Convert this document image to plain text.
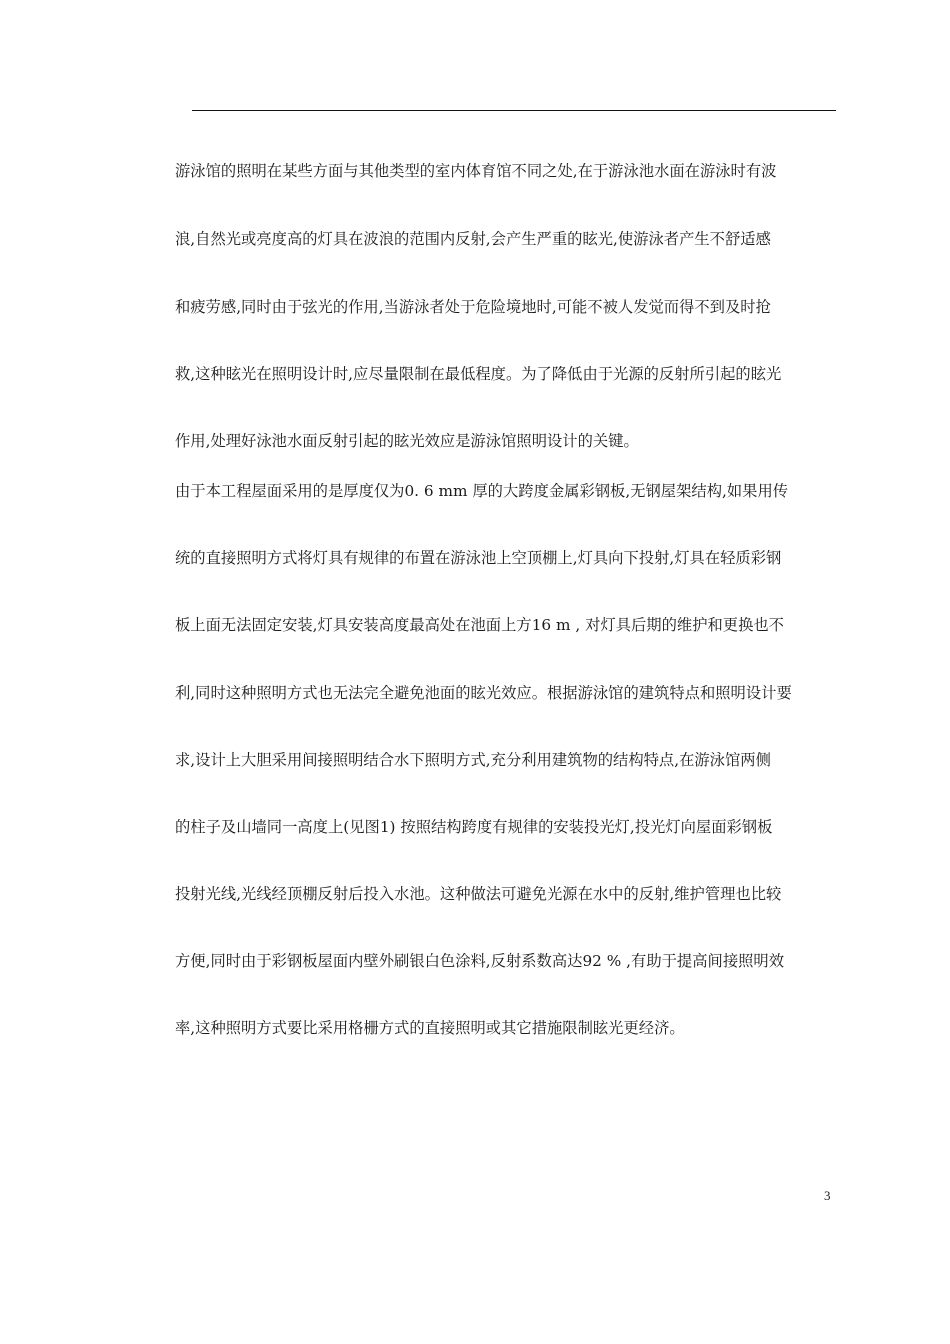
游泳馆的照明在某些方面与其他类型的室内体育馆不同之处,在于游泳池水面在游泳时有波

浪,自然光或亮度高的灯具在波浪的范围内反射,会产生严重的眩光,使游泳者产生不舒适感

和疲劳感,同时由于弦光的作用,当游泳者处于危险境地时,可能不被人发觉而得不到及时抢

救,这种眩光在照明设计时,应尽量限制在最低程度。为了降低由于光源的反射所引起的眩光

作用,处理好泳池水面反射引起的眩光效应是游泳馆照明设计的关键。

由于本工程屋面采用的是厚度仅为0. 6 mm 厚的大跨度金属彩钢板,无钢屋架结构,如果用传

统的直接照明方式将灯具有规律的布置在游泳池上空顶棚上,灯具向下投射,灯具在轻质彩钢

板上面无法固定安装,灯具安装高度最高处在池面上方16 m , 对灯具后期的维护和更换也不

利,同时这种照明方式也无法完全避免池面的眩光效应。根据游泳馆的建筑特点和照明设计要

求,设计上大胆采用间接照明结合水下照明方式,充分利用建筑物的结构特点,在游泳馆两侧

的柱子及山墙同一高度上(见图1) 按照结构跨度有规律的安装投光灯,投光灯向屋面彩钢板

投射光线,光线经顶棚反射后投入水池。这种做法可避免光源在水中的反射,维护管理也比较

方便,同时由于彩钢板屋面内壁外刷银白色涂料,反射系数高达92 % ,有助于提高间接照明效

率,这种照明方式要比采用格栅方式的直接照明或其它措施限制眩光更经济。

3
